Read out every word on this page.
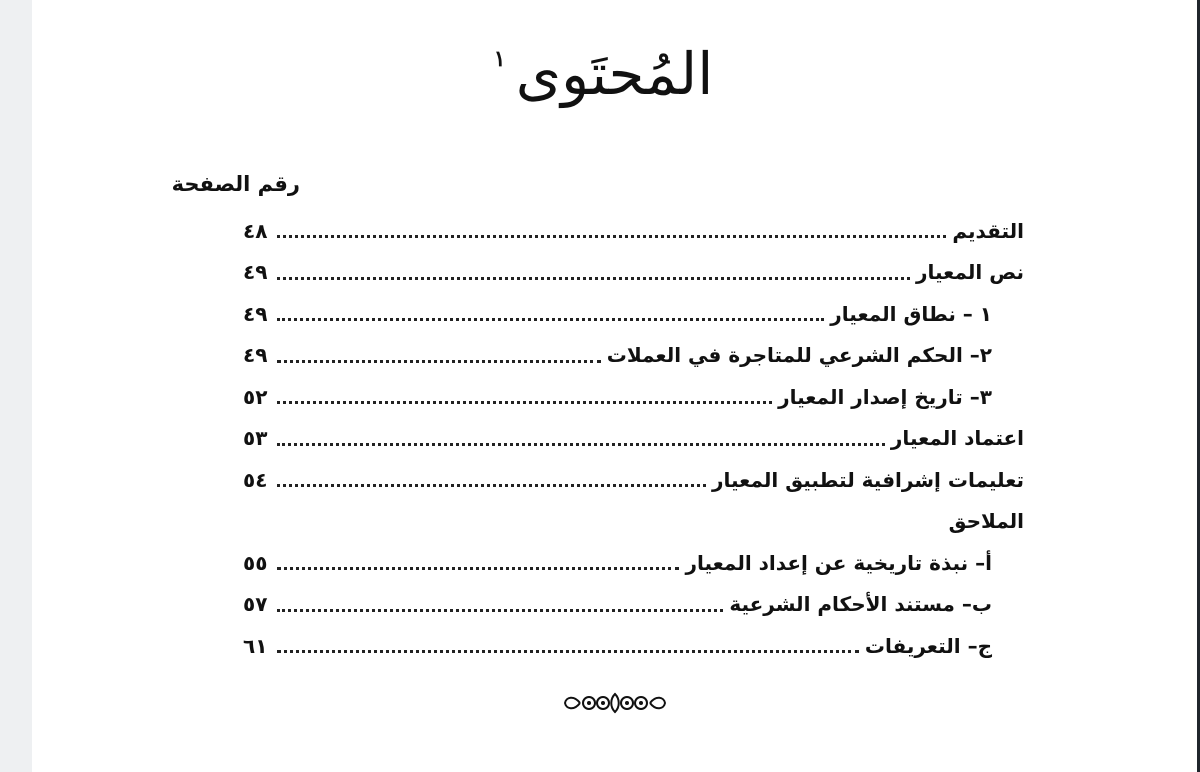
المُحتَوى
١
رقم الصفحة
التقديم
٤٨
نص المعيار
٤٩
١ – نطاق المعيار
٤٩
٢– الحكم الشرعي للمتاجرة في العملات
٤٩
٣– تاريخ إصدار المعيار
٥٢
اعتماد المعيار
٥٣
تعليمات إشرافية لتطبيق المعيار
٥٤
الملاحق
أ– نبذة تاريخية عن إعداد المعيار
٥٥
ب– مستند الأحكام الشرعية
٥٧
ج– التعريفات
٦١
